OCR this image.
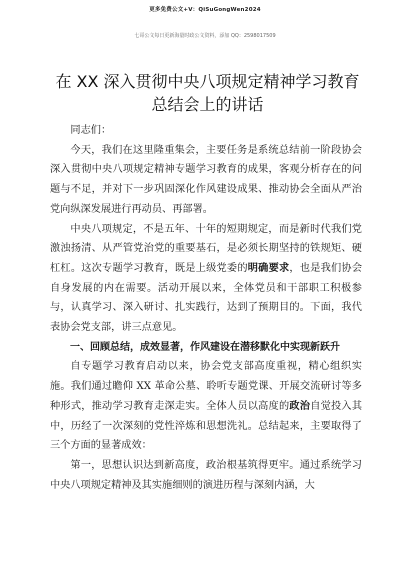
更多免费公文+V：QiSuGongWen2024
七哥公文每日更新海量时政公文资料，添加 QQ：2598017509
在 XX 深入贯彻中央八项规定精神学习教育总结会上的讲话

同志们：

今天，我们在这里隆重集会，主要任务是系统总结前一阶段协会深入贯彻中央八项规定精神专题学习教育的成果，客观分析存在的问题与不足，并对下一步巩固深化作风建设成果、推动协会全面从严治党向纵深发展进行再动员、再部署。

中央八项规定，不是五年、十年的短期规定，而是新时代我们党激浊扬清、从严管党治党的重要基石，是必须长期坚持的铁规矩、硬杠杠。这次专题学习教育，既是上级党委的明确要求，也是我们协会自身发展的内在需要。活动开展以来，全体党员和干部职工积极参与，认真学习、深入研讨、扎实践行，达到了预期目的。下面，我代表协会党支部，讲三点意见。

一、回顾总结，成效显著，作风建设在潜移默化中实现新跃升

自专题学习教育启动以来，协会党支部高度重视，精心组织实施。我们通过瞻仰 XX 革命公墓、聆听专题党课、开展交流研讨等多种形式，推动学习教育走深走实。全体人员以高度的政治自觉投入其中，历经了一次深刻的党性淬炼和思想洗礼。总结起来，主要取得了三个方面的显著成效：

第一，思想认识达到新高度，政治根基筑得更牢。通过系统学习中央八项规定精神及其实施细则的演进历程与深刻内涵，大
